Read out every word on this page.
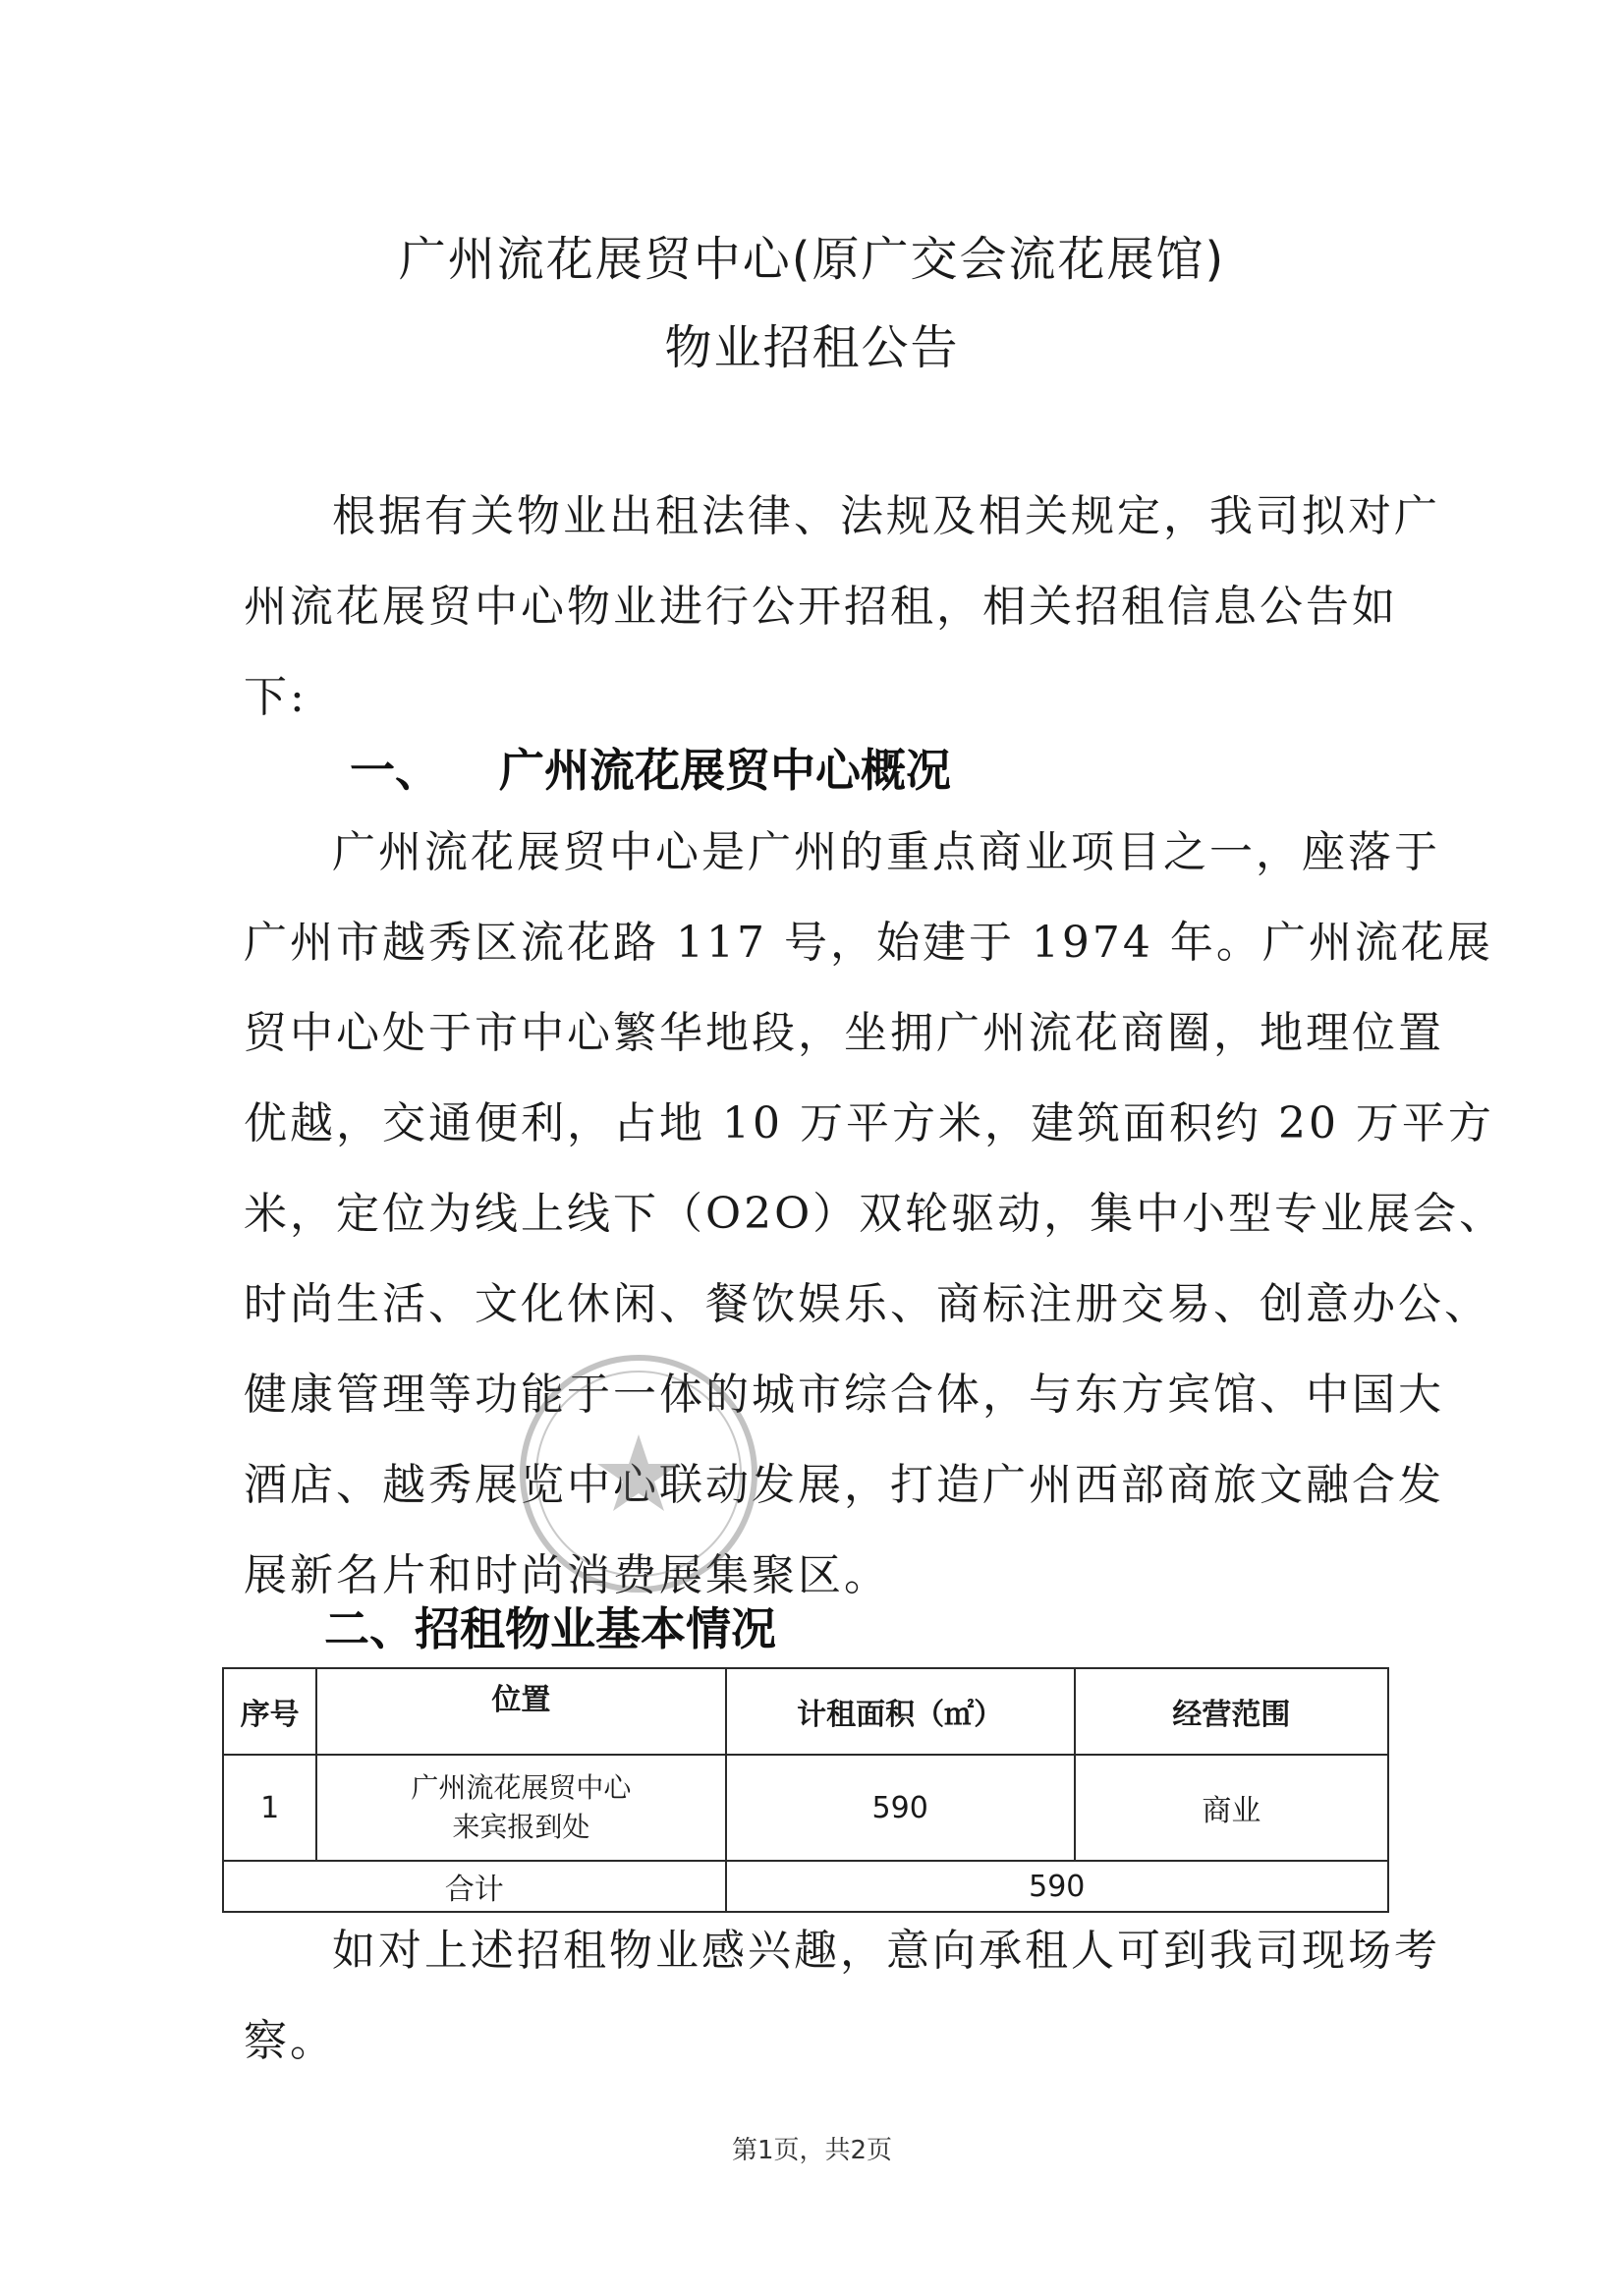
广州流花展贸中心(原广交会流花展馆)
物业招租公告
根据有关物业出租法律、法规及相关规定，我司拟对广
州流花展贸中心物业进行公开招租，相关招租信息公告如
下:
一、 广州流花展贸中心概况
广州流花展贸中心是广州的重点商业项目之一，座落于
广州市越秀区流花路 117 号，始建于 1974 年。广州流花展
贸中心处于市中心繁华地段，坐拥广州流花商圈，地理位置
优越，交通便利，占地 10 万平方米，建筑面积约 20 万平方
米，定位为线上线下（O2O）双轮驱动，集中小型专业展会、
时尚生活、文化休闲、餐饮娱乐、商标注册交易、创意办公、
健康管理等功能于一体的城市综合体，与东方宾馆、中国大
酒店、越秀展览中心联动发展，打造广州西部商旅文融合发
展新名片和时尚消费展集聚区。
二、招租物业基本情况
序号	位置	计租面积（㎡）	经营范围
1	广州流花展贸中心
来宾报到处	590	商业
合计		590	
如对上述招租物业感兴趣，意向承租人可到我司现场考
察。
第1页，共2页
